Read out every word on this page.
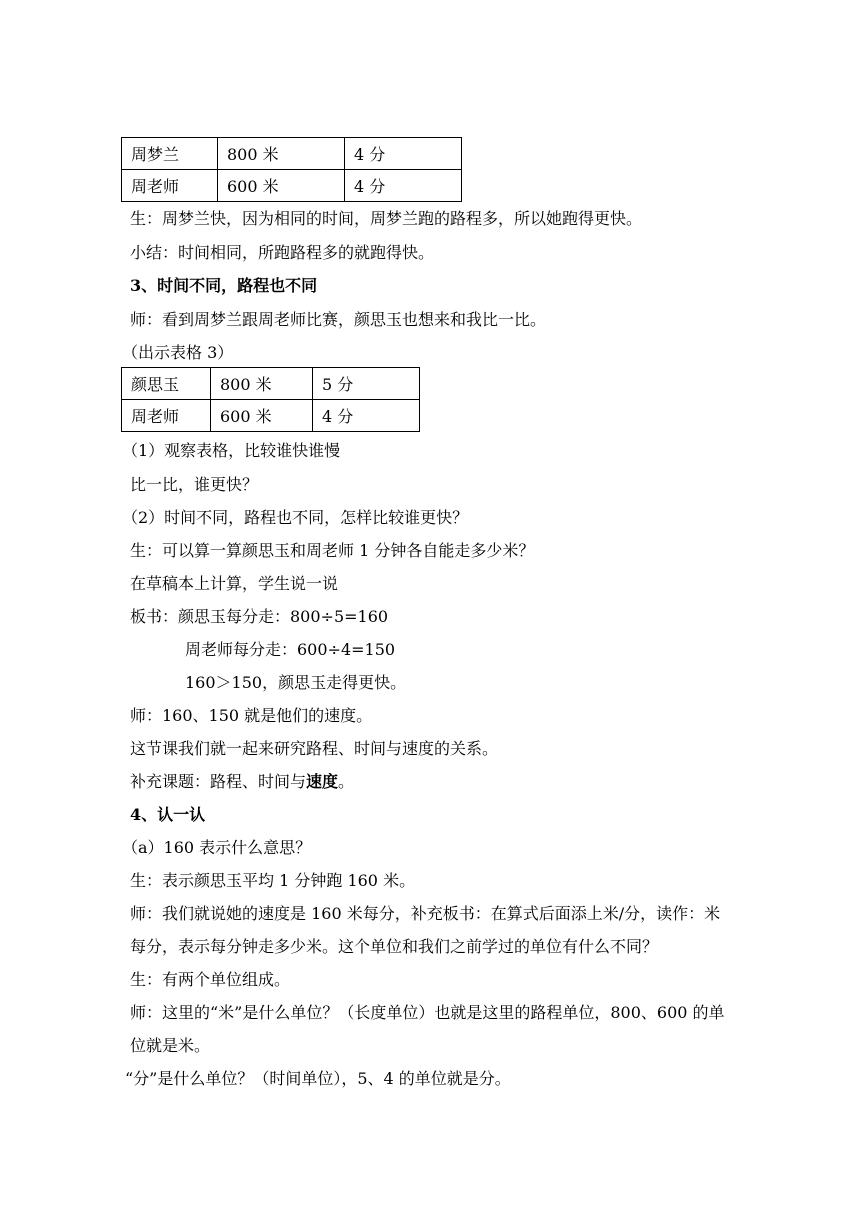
周梦兰	800 米	4 分
周老师	600 米	4 分
生：周梦兰快，因为相同的时间，周梦兰跑的路程多，所以她跑得更快。
小结：时间相同，所跑路程多的就跑得快。
3、时间不同，路程也不同
师：看到周梦兰跟周老师比赛，颜思玉也想来和我比一比。
（出示表格 3）
颜思玉	800 米	5 分
周老师	600 米	4 分
（1）观察表格，比较谁快谁慢
比一比，谁更快？
（2）时间不同，路程也不同，怎样比较谁更快？
生：可以算一算颜思玉和周老师 1 分钟各自能走多少米？
在草稿本上计算，学生说一说
板书：颜思玉每分走：800÷5=160
周老师每分走：600÷4=150
160＞150，颜思玉走得更快。
师：160、150 就是他们的速度。
这节课我们就一起来研究路程、时间与速度的关系。
补充课题：路程、时间与速度。
4、认一认
（a）160 表示什么意思？
生：表示颜思玉平均 1 分钟跑 160 米。
师：我们就说她的速度是 160 米每分，补充板书：在算式后面添上米/分，读作：米每分，表示每分钟走多少米。这个单位和我们之前学过的单位有什么不同？
生：有两个单位组成。
师：这里的“米”是什么单位？（长度单位）也就是这里的路程单位，800、600 的单位就是米。
“分”是什么单位？（时间单位），5、4 的单位就是分。
